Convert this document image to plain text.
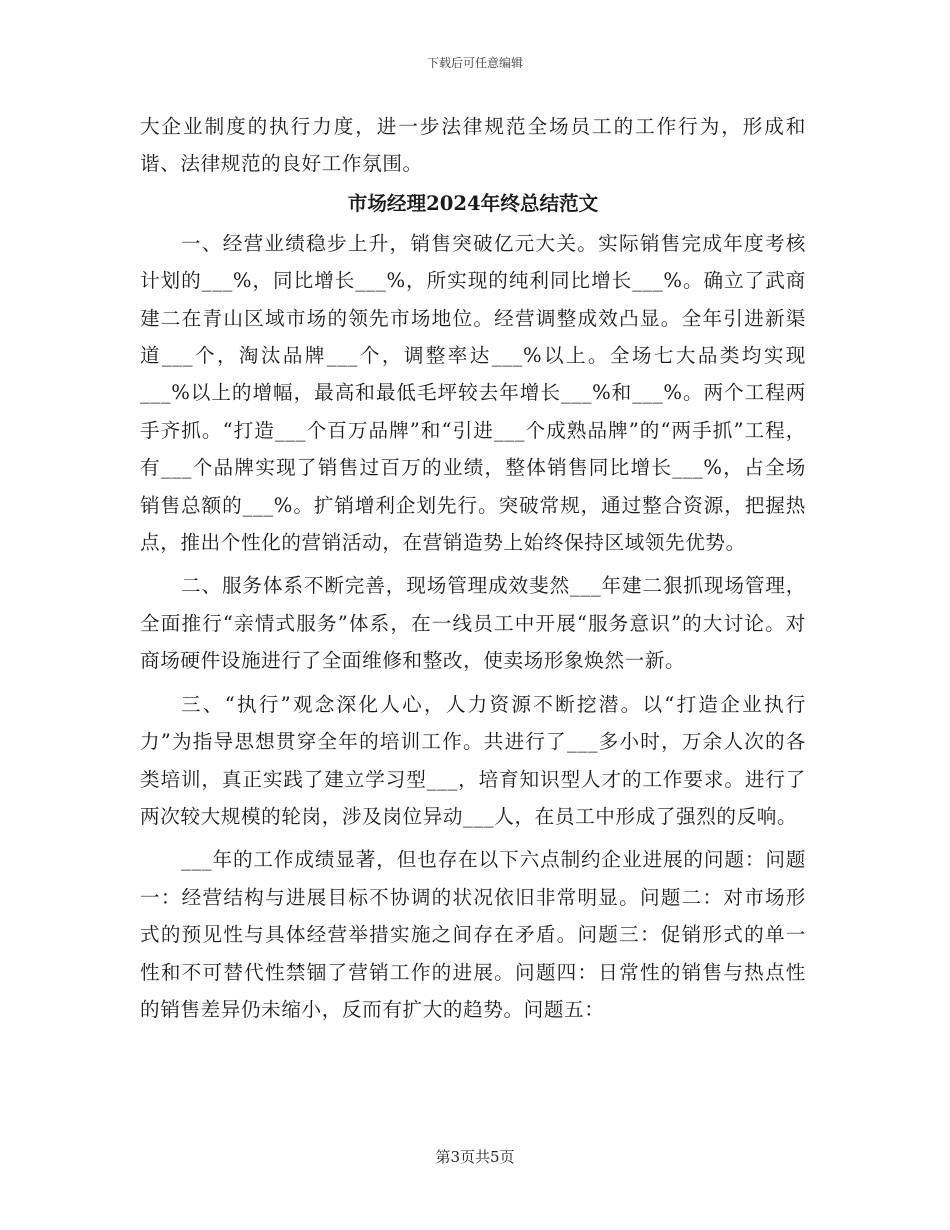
下载后可任意编辑

大企业制度的执行力度，进一步法律规范全场员工的工作行为，形成和谐、法律规范的良好工作氛围。

市场经理2024年终总结范文

一、经营业绩稳步上升，销售突破亿元大关。实际销售完成年度考核计划的___%，同比增长___%，所实现的纯利同比增长___%。确立了武商建二在青山区域市场的领先市场地位。经营调整成效凸显。全年引进新渠道___个，淘汰品牌___个，调整率达___%以上。全场七大品类均实现___%以上的增幅，最高和最低毛坪较去年增长___%和___%。两个工程两手齐抓。“打造___个百万品牌”和“引进___个成熟品牌”的“两手抓”工程，有___个品牌实现了销售过百万的业绩，整体销售同比增长___%，占全场销售总额的___%。扩销增利企划先行。突破常规，通过整合资源，把握热点，推出个性化的营销活动，在营销造势上始终保持区域领先优势。

二、服务体系不断完善，现场管理成效斐然___年建二狠抓现场管理，全面推行“亲情式服务”体系，在一线员工中开展“服务意识”的大讨论。对商场硬件设施进行了全面维修和整改，使卖场形象焕然一新。

三、“执行”观念深化人心，人力资源不断挖潜。以“打造企业执行力”为指导思想贯穿全年的培训工作。共进行了___多小时，万余人次的各类培训，真正实践了建立学习型___，培育知识型人才的工作要求。进行了两次较大规模的轮岗，涉及岗位异动___人，在员工中形成了强烈的反响。

___年的工作成绩显著，但也存在以下六点制约企业进展的问题：问题一：经营结构与进展目标不协调的状况依旧非常明显。问题二：对市场形式的预见性与具体经营举措实施之间存在矛盾。问题三：促销形式的单一性和不可替代性禁锢了营销工作的进展。问题四：日常性的销售与热点性的销售差异仍未缩小，反而有扩大的趋势。问题五：

第3页共5页
